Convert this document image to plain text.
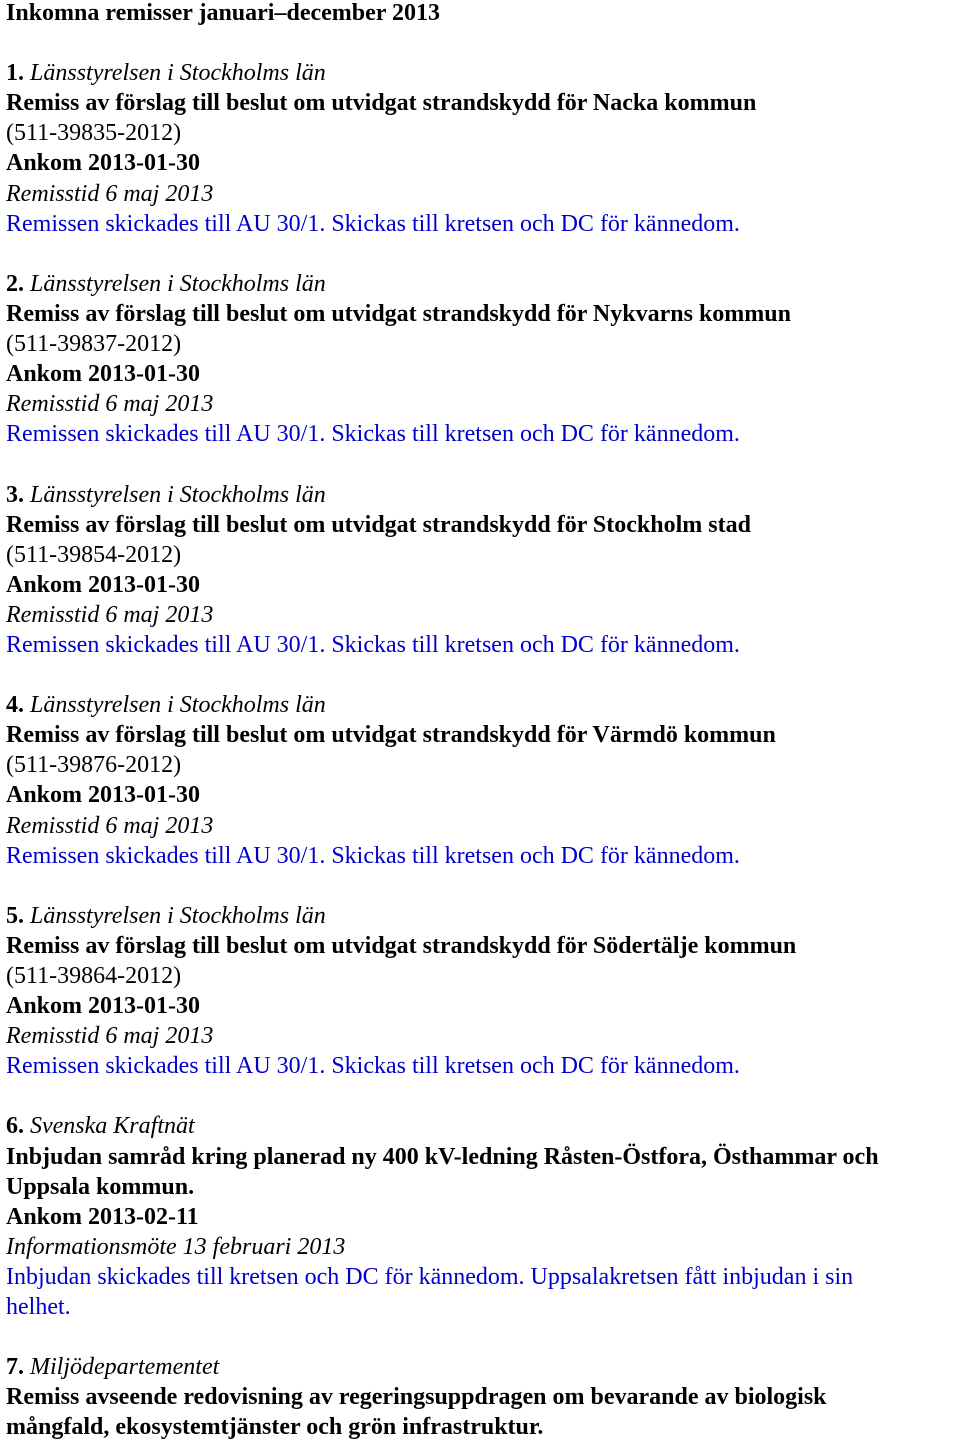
Inkomna remisser januari–december 2013

1. Länsstyrelsen i Stockholms län

Remiss av förslag till beslut om utvidgat strandskydd för Nacka kommun

(511-39835-2012)

Ankom 2013-01-30

Remisstid 6 maj 2013

Remissen skickades till AU 30/1. Skickas till kretsen och DC för kännedom.

2. Länsstyrelsen i Stockholms län

Remiss av förslag till beslut om utvidgat strandskydd för Nykvarns kommun

(511-39837-2012)

Ankom 2013-01-30

Remisstid 6 maj 2013

Remissen skickades till AU 30/1. Skickas till kretsen och DC för kännedom.

3. Länsstyrelsen i Stockholms län

Remiss av förslag till beslut om utvidgat strandskydd för Stockholm stad

(511-39854-2012)

Ankom 2013-01-30

Remisstid 6 maj 2013

Remissen skickades till AU 30/1. Skickas till kretsen och DC för kännedom.

4. Länsstyrelsen i Stockholms län

Remiss av förslag till beslut om utvidgat strandskydd för Värmdö kommun

(511-39876-2012)

Ankom 2013-01-30

Remisstid 6 maj 2013

Remissen skickades till AU 30/1. Skickas till kretsen och DC för kännedom.

5. Länsstyrelsen i Stockholms län

Remiss av förslag till beslut om utvidgat strandskydd för Södertälje kommun

(511-39864-2012)

Ankom 2013-01-30

Remisstid 6 maj 2013

Remissen skickades till AU 30/1. Skickas till kretsen och DC för kännedom.

6. Svenska Kraftnät

Inbjudan samråd kring planerad ny 400 kV-ledning Råsten-Östfora, Östhammar och

Uppsala kommun.

Ankom 2013-02-11

Informationsmöte 13 februari 2013

Inbjudan skickades till kretsen och DC för kännedom. Uppsalakretsen fått inbjudan i sin

helhet.

7. Miljödepartementet

Remiss avseende redovisning av regeringsuppdragen om bevarande av biologisk

mångfald, ekosystemtjänster och grön infrastruktur.
